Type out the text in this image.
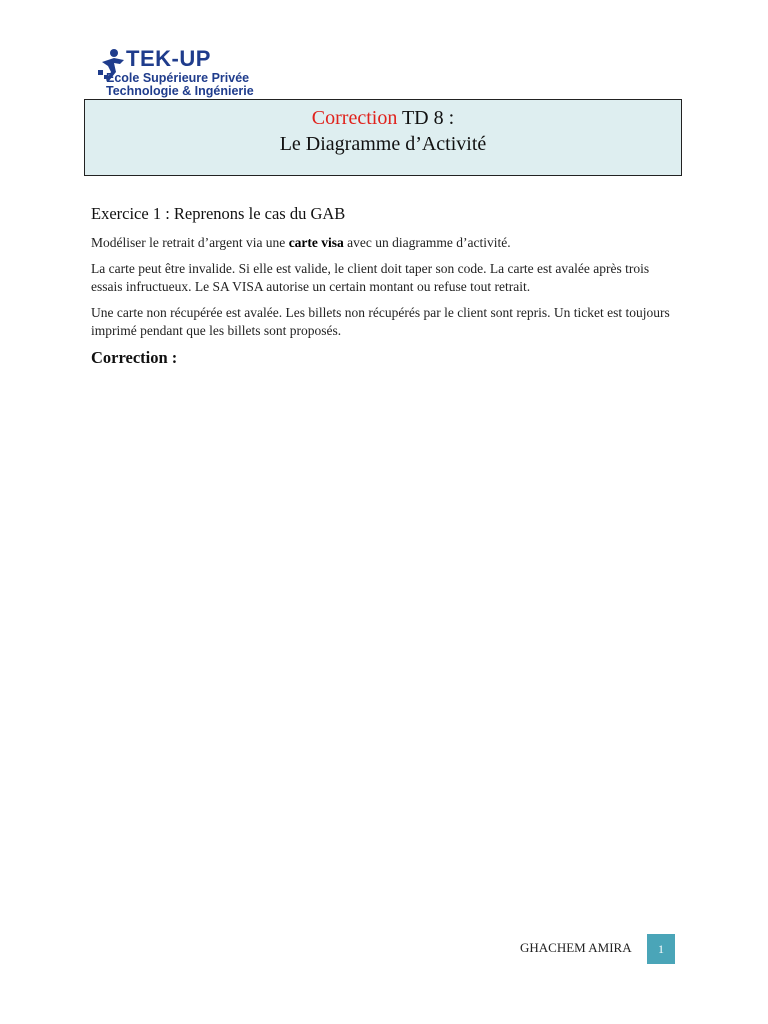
TEK-UP
Ecole Supérieure Privée
Technologie & Ingénierie
Correction TD 8 :
Le Diagramme d’Activité
Exercice 1 : Reprenons le cas du GAB

Modéliser le retrait d’argent via une carte visa avec un diagramme d’activité.

La carte peut être invalide. Si elle est valide, le client doit taper son code. La carte est avalée après trois essais infructueux. Le SA VISA autorise un certain montant ou refuse tout retrait.

Une carte non récupérée est avalée. Les billets non récupérés par le client sont repris. Un ticket est toujours imprimé pendant que les billets sont proposés.

Correction :
GHACHEM AMIRA	1
